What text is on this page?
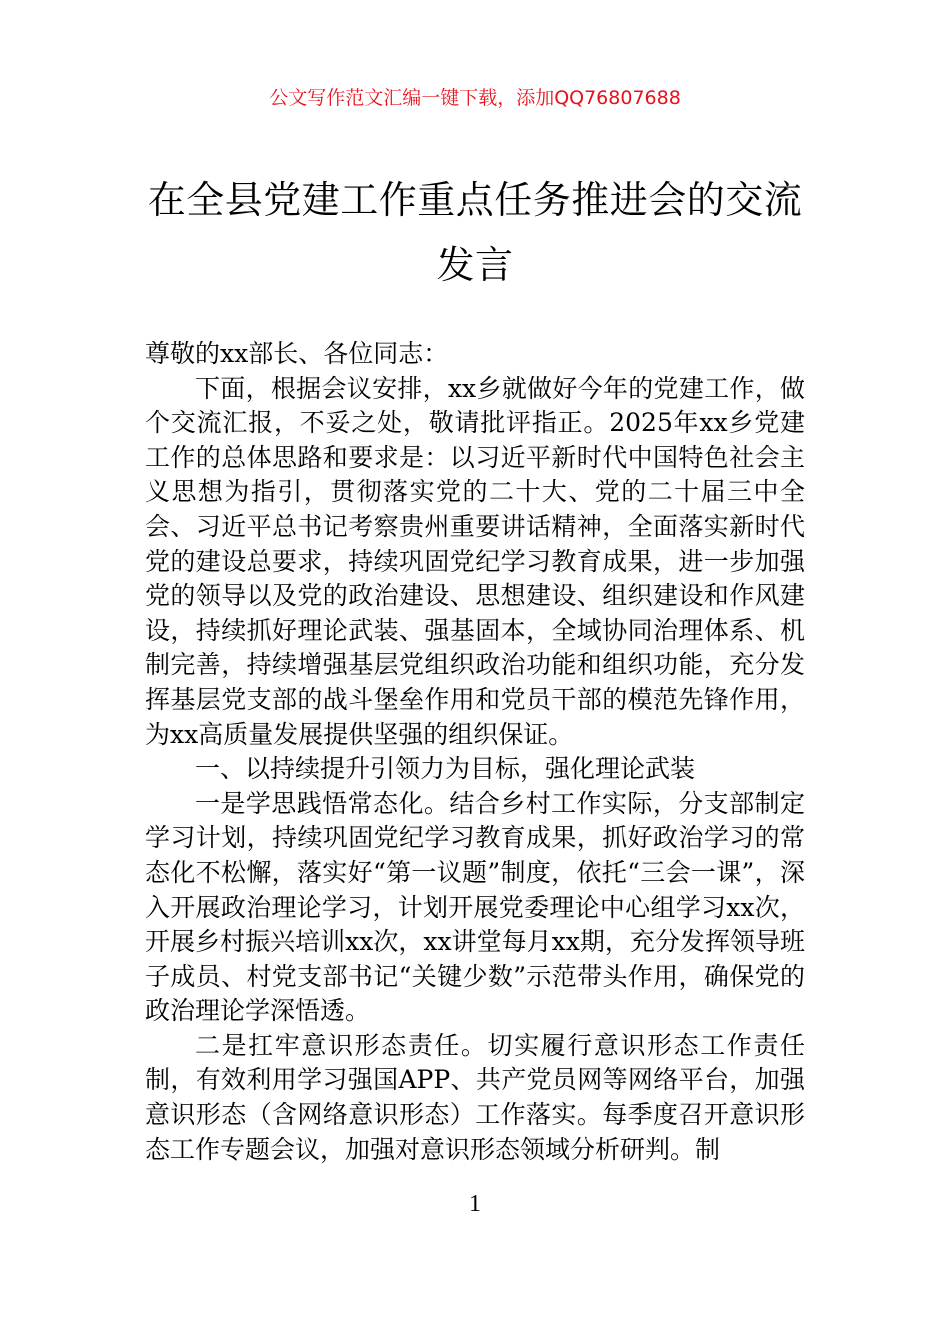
公文写作范文汇编一键下载，添加QQ76807688
在全县党建工作重点任务推进会的交流发言

尊敬的xx部长、各位同志：

下面，根据会议安排，xx乡就做好今年的党建工作，做个交流汇报，不妥之处，敬请批评指正。2025年xx乡党建工作的总体思路和要求是：以习近平新时代中国特色社会主义思想为指引，贯彻落实党的二十大、党的二十届三中全会、习近平总书记考察贵州重要讲话精神，全面落实新时代党的建设总要求，持续巩固党纪学习教育成果，进一步加强党的领导以及党的政治建设、思想建设、组织建设和作风建设，持续抓好理论武装、强基固本，全域协同治理体系、机制完善，持续增强基层党组织政治功能和组织功能，充分发挥基层党支部的战斗堡垒作用和党员干部的模范先锋作用，为xx高质量发展提供坚强的组织保证。

一、以持续提升引领力为目标，强化理论武装

一是学思践悟常态化。结合乡村工作实际，分支部制定学习计划，持续巩固党纪学习教育成果，抓好政治学习的常态化不松懈，落实好“第一议题”制度，依托“三会一课”，深入开展政治理论学习，计划开展党委理论中心组学习xx次，开展乡村振兴培训xx次，xx讲堂每月xx期，充分发挥领导班子成员、村党支部书记“关键少数”示范带头作用，确保党的政治理论学深悟透。

二是扛牢意识形态责任。切实履行意识形态工作责任制，有效利用学习强国APP、共产党员网等网络平台，加强意识形态（含网络意识形态）工作落实。每季度召开意识形态工作专题会议，加强对意识形态领域分析研判。制

1
